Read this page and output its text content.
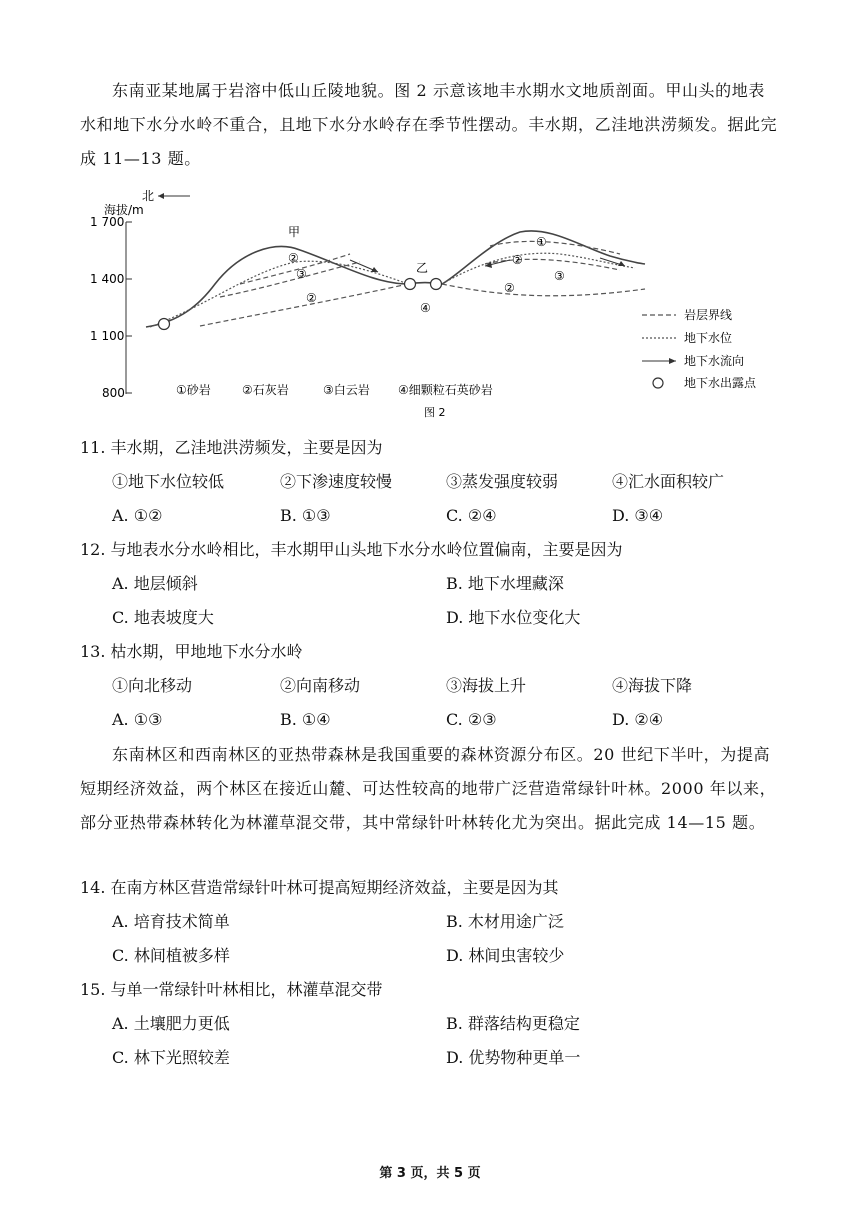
东南亚某地属于岩溶中低山丘陵地貌。图 2 示意该地丰水期水文地质剖面。甲山头的地表水和地下水分水岭不重合，且地下水分水岭存在季节性摆动。丰水期，乙洼地洪涝频发。据此完成 11—13 题。
北
海拔/m
1 700
1 400
1 100
800
甲
乙
②
③
②
④
①
②
③
②
①砂岩	②石灰岩	③白云岩 ④细颗粒石英砂岩
图 2
岩层界线
地下水位
地下水流向
地下水出露点
11. 丰水期，乙洼地洪涝频发，主要是因为
①地下水位较低	②下渗速度较慢	③蒸发强度较弱	④汇水面积较广
A. ①②	B. ①③	C. ②④	D. ③④
12. 与地表水分水岭相比，丰水期甲山头地下水分水岭位置偏南，主要是因为
A. 地层倾斜	B. 地下水埋藏深
C. 地表坡度大	D. 地下水位变化大
13. 枯水期，甲地地下水分水岭
①向北移动	②向南移动	③海拔上升	④海拔下降
A. ①③	B. ①④	C. ②③	D. ②④
东南林区和西南林区的亚热带森林是我国重要的森林资源分布区。20 世纪下半叶，为提高短期经济效益，两个林区在接近山麓、可达性较高的地带广泛营造常绿针叶林。2000 年以来，部分亚热带森林转化为林灌草混交带，其中常绿针叶林转化尤为突出。据此完成 14—15 题。
14. 在南方林区营造常绿针叶林可提高短期经济效益，主要是因为其
A. 培育技术简单	B. 木材用途广泛
C. 林间植被多样	D. 林间虫害较少
15. 与单一常绿针叶林相比，林灌草混交带
A. 土壤肥力更低	B. 群落结构更稳定
C. 林下光照较差	D. 优势物种更单一
第 3 页，共 5 页
